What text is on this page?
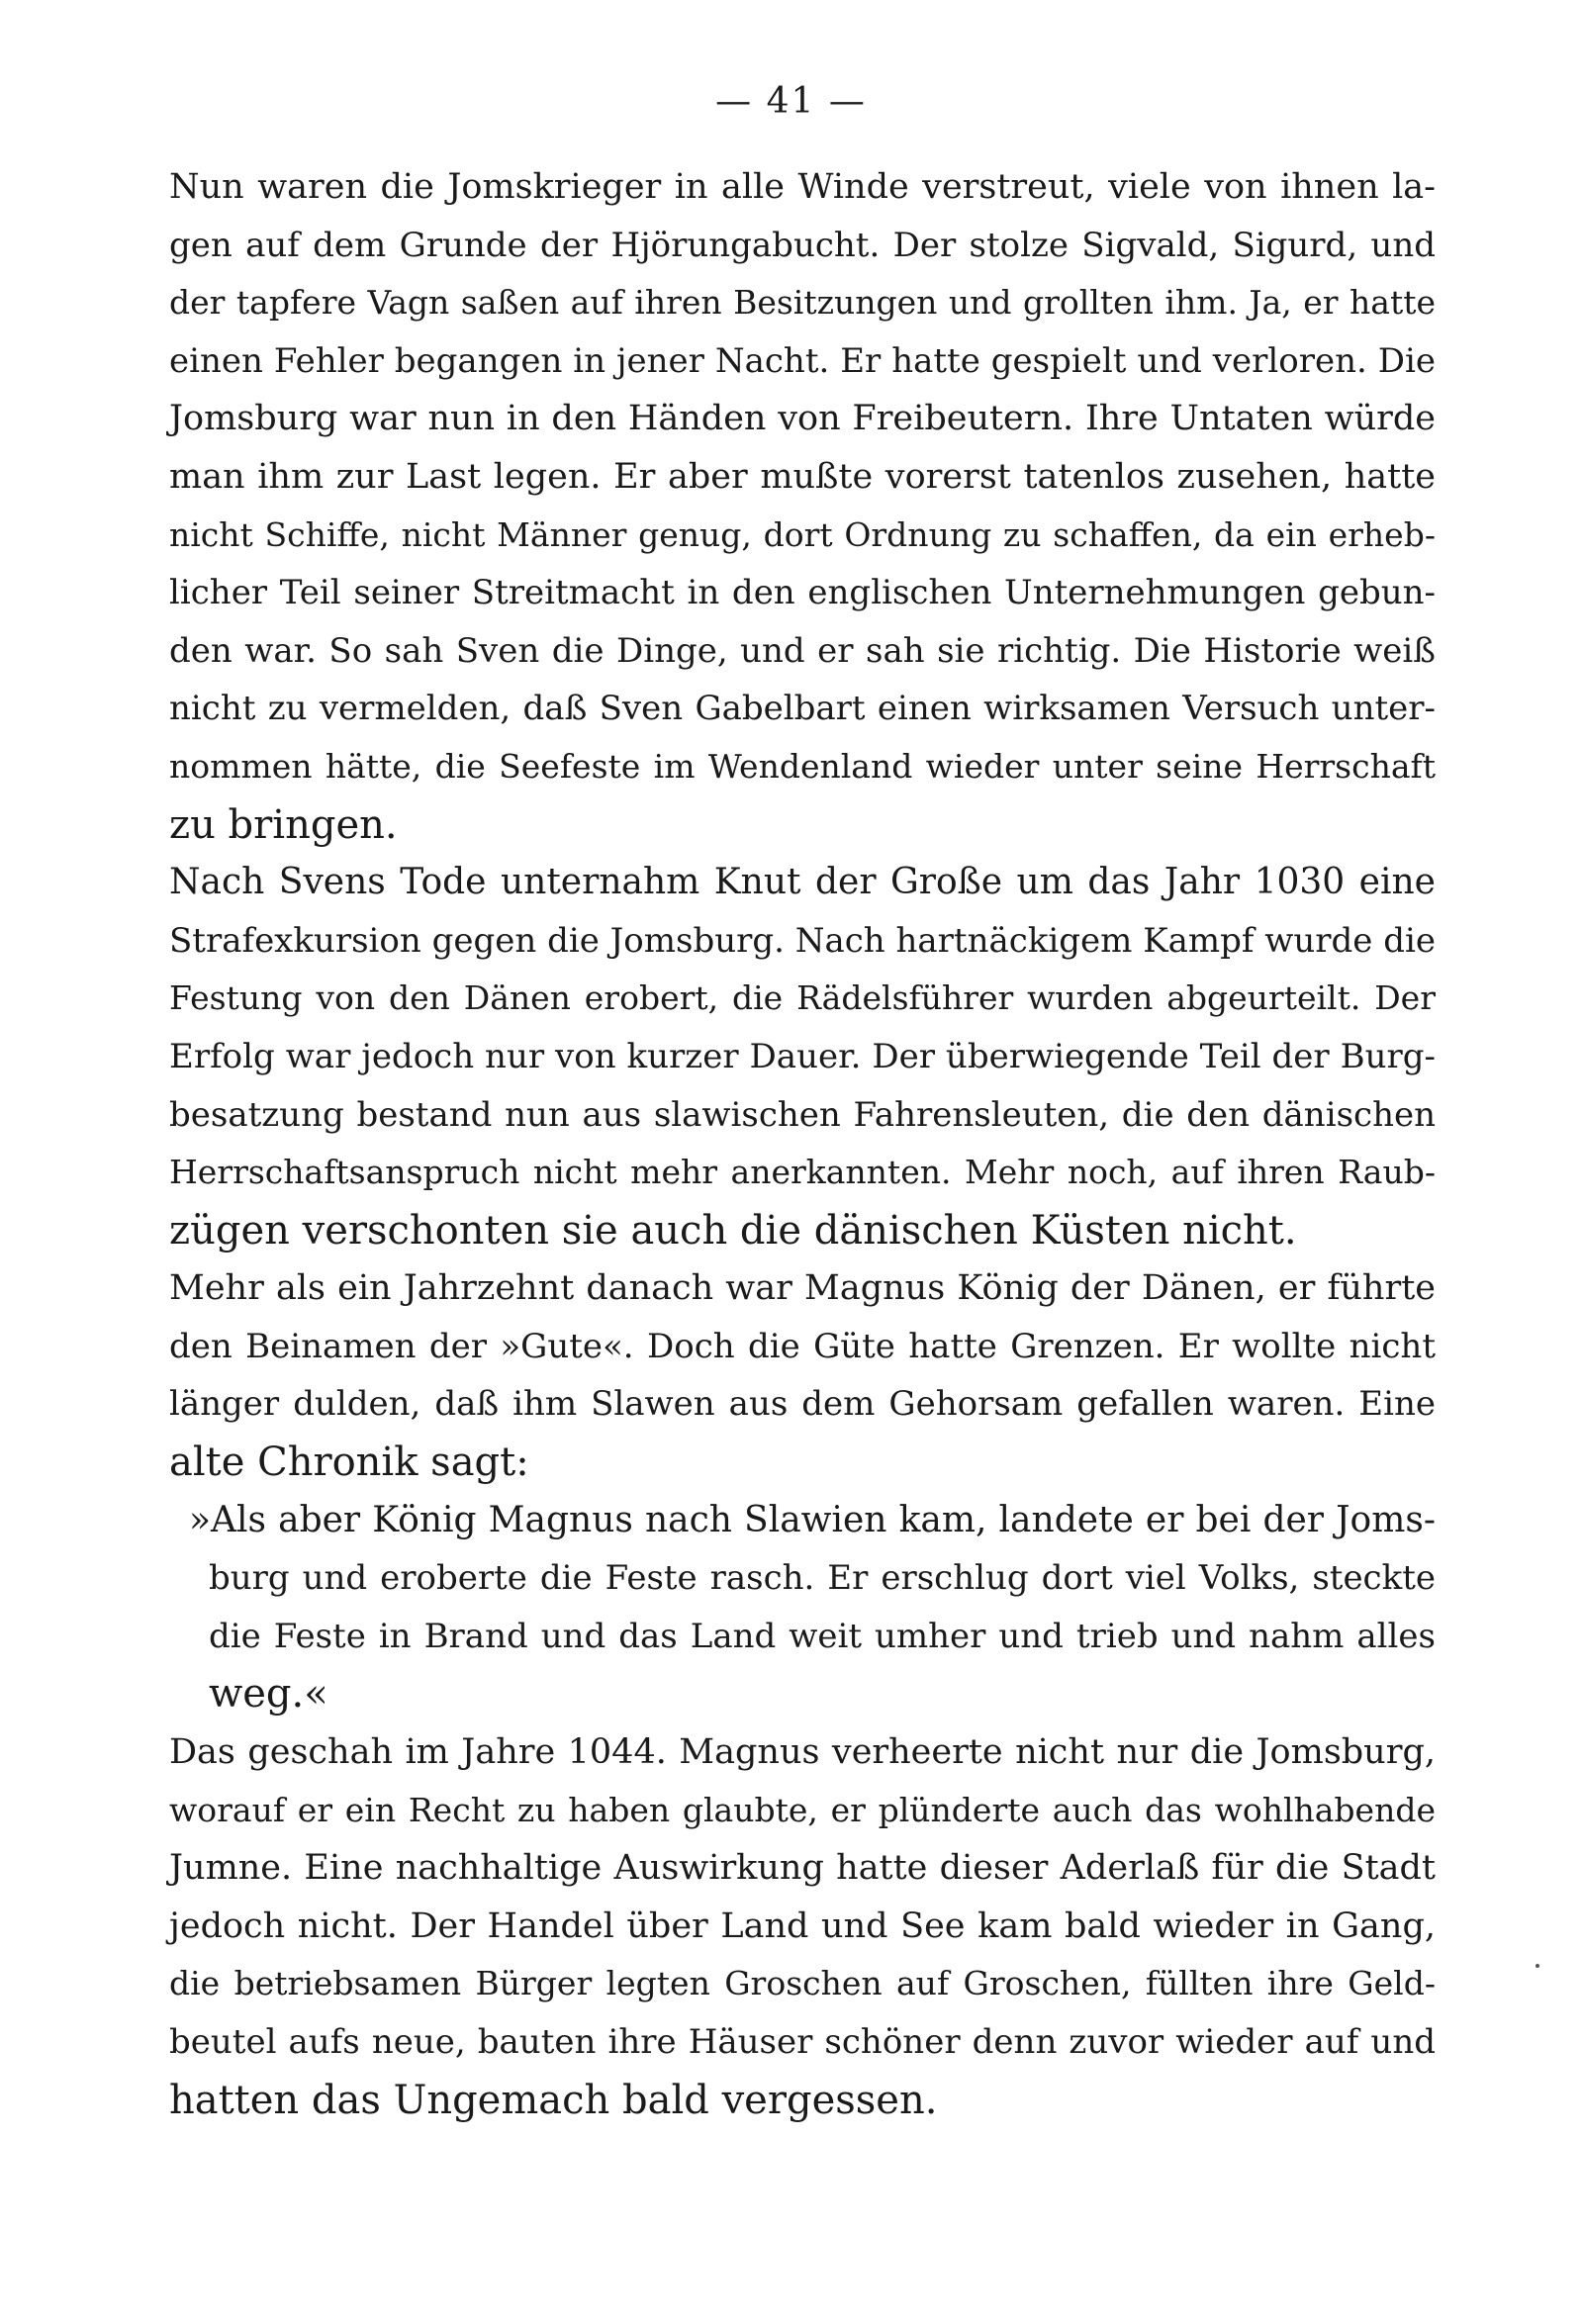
— 41 —
Nun waren die Jomskrieger in alle Winde verstreut, viele von ihnen la-
gen auf dem Grunde der Hjörungabucht. Der stolze Sigvald, Sigurd, und
der tapfere Vagn saßen auf ihren Besitzungen und grollten ihm. Ja, er hatte
einen Fehler begangen in jener Nacht. Er hatte gespielt und verloren. Die
Jomsburg war nun in den Händen von Freibeutern. Ihre Untaten würde
man ihm zur Last legen. Er aber mußte vorerst tatenlos zusehen, hatte
nicht Schiffe, nicht Männer genug, dort Ordnung zu schaffen, da ein erheb-
licher Teil seiner Streitmacht in den englischen Unternehmungen gebun-
den war. So sah Sven die Dinge, und er sah sie richtig. Die Historie weiß
nicht zu vermelden, daß Sven Gabelbart einen wirksamen Versuch unter-
nommen hätte, die Seefeste im Wendenland wieder unter seine Herrschaft
zu bringen.
Nach Svens Tode unternahm Knut der Große um das Jahr 1030 eine
Strafexkursion gegen die Jomsburg. Nach hartnäckigem Kampf wurde die
Festung von den Dänen erobert, die Rädelsführer wurden abgeurteilt. Der
Erfolg war jedoch nur von kurzer Dauer. Der überwiegende Teil der Burg-
besatzung bestand nun aus slawischen Fahrensleuten, die den dänischen
Herrschaftsanspruch nicht mehr anerkannten. Mehr noch, auf ihren Raub-
zügen verschonten sie auch die dänischen Küsten nicht.
Mehr als ein Jahrzehnt danach war Magnus König der Dänen, er führte
den Beinamen der »Gute«. Doch die Güte hatte Grenzen. Er wollte nicht
länger dulden, daß ihm Slawen aus dem Gehorsam gefallen waren. Eine
alte Chronik sagt:
»Als aber König Magnus nach Slawien kam, landete er bei der Joms-
burg und eroberte die Feste rasch. Er erschlug dort viel Volks, steckte
die Feste in Brand und das Land weit umher und trieb und nahm alles
weg.«
Das geschah im Jahre 1044. Magnus verheerte nicht nur die Jomsburg,
worauf er ein Recht zu haben glaubte, er plünderte auch das wohlhabende
Jumne. Eine nachhaltige Auswirkung hatte dieser Aderlaß für die Stadt
jedoch nicht. Der Handel über Land und See kam bald wieder in Gang,
die betriebsamen Bürger legten Groschen auf Groschen, füllten ihre Geld-
beutel aufs neue, bauten ihre Häuser schöner denn zuvor wieder auf und
hatten das Ungemach bald vergessen.
